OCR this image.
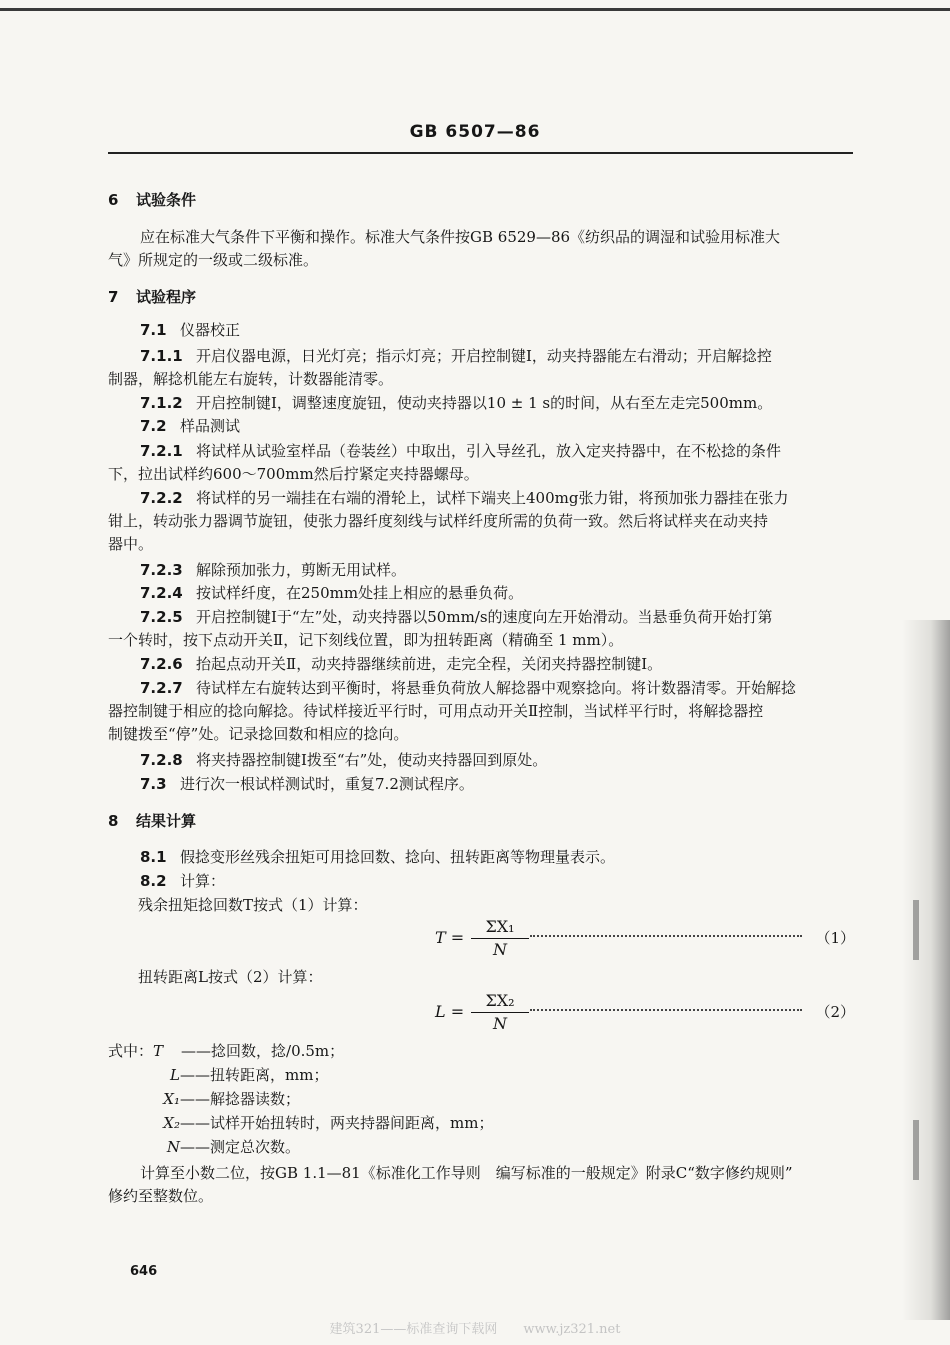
GB 6507—86
6 试验条件
应在标准大气条件下平衡和操作。标准大气条件按GB 6529—86《纺织品的调湿和试验用标准大
气》所规定的一级或二级标准。
7 试验程序
7.1 仪器校正
7.1.1 开启仪器电源，日光灯亮；指示灯亮；开启控制键Ⅰ，动夹持器能左右滑动；开启解捻控
制器，解捻机能左右旋转，计数器能清零。
7.1.2 开启控制键Ⅰ，调整速度旋钮，使动夹持器以10 ± 1 s的时间，从右至左走完500mm。
7.2 样品测试
7.2.1 将试样从试验室样品（卷装丝）中取出，引入导丝孔，放入定夹持器中，在不松捻的条件
下，拉出试样约600～700mm然后拧紧定夹持器螺母。
7.2.2 将试样的另一端挂在右端的滑轮上，试样下端夹上400mg张力钳，将预加张力器挂在张力
钳上，转动张力器调节旋钮，使张力器纤度刻线与试样纤度所需的负荷一致。然后将试样夹在动夹持
器中。
7.2.3 解除预加张力，剪断无用试样。
7.2.4 按试样纤度，在250mm处挂上相应的悬垂负荷。
7.2.5 开启控制键Ⅰ于“左”处，动夹持器以50mm/s的速度向左开始滑动。当悬垂负荷开始打第
一个转时，按下点动开关Ⅱ，记下刻线位置，即为扭转距离（精确至 1 mm）。
7.2.6 抬起点动开关Ⅱ，动夹持器继续前进，走完全程，关闭夹持器控制键Ⅰ。
7.2.7 待试样左右旋转达到平衡时，将悬垂负荷放人解捻器中观察捻向。将计数器清零。开始解捻
器控制键于相应的捻向解捻。待试样接近平行时，可用点动开关Ⅱ控制，当试样平行时，将解捻器控
制键拨至“停”处。记录捻回数和相应的捻向。
7.2.8 将夹持器控制键Ⅰ拨至“右”处，使动夹持器回到原处。
7.3 进行次一根试样测试时，重复7.2测试程序。
8 结果计算
8.1 假捻变形丝残余扭矩可用捻回数、捻向、扭转距离等物理量表示。
8.2 计算：
残余扭矩捻回数T按式（1）计算：
$T = \frac{\text{ΣX₁}}{N}$	（1）
扭转距离L按式（2）计算：
$L = \frac{\text{ΣX₂}}{N}$	（2）
式中：T ——捻回数，捻/0.5m；
L——扭转距离，mm；
X₁——解捻器读数；
X₂——试样开始扭转时，两夹持器间距离，mm；
N——测定总次数。
计算至小数二位，按GB 1.1—81《标准化工作导则　编写标准的一般规定》附录C“数字修约规则”
修约至整数位。
646
建筑321——标准查询下载网　　www.jz321.net
